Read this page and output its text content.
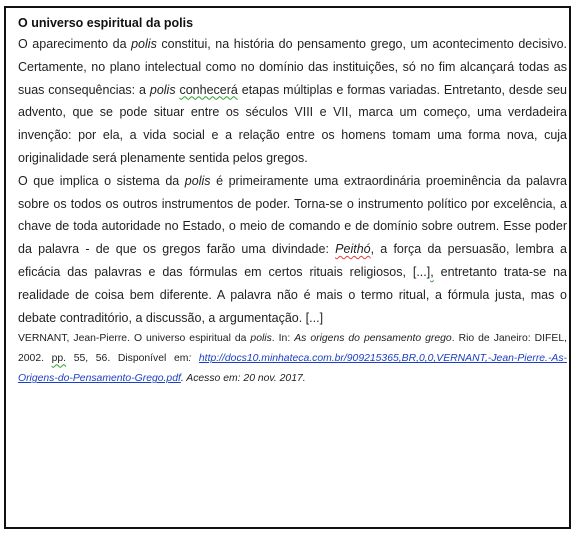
O universo espiritual da polis

O aparecimento da polis constitui, na história do pensamento grego, um acontecimento decisivo. Certamente, no plano intelectual como no domínio das instituições, só no fim alcançará todas as suas consequências: a polis conhecerá etapas múltiplas e formas variadas. Entretanto, desde seu advento, que se pode situar entre os séculos VIII e VII, marca um começo, uma verdadeira invenção: por ela, a vida social e a relação entre os homens tomam uma forma nova, cuja originalidade será plenamente sentida pelos gregos.

O que implica o sistema da polis é primeiramente uma extraordinária proeminência da palavra sobre os todos os outros instrumentos de poder. Torna-se o instrumento político por excelência, a chave de toda autoridade no Estado, o meio de comando e de domínio sobre outrem. Esse poder da palavra - de que os gregos farão uma divindade: Peithó, a força da persuasão, lembra a eficácia das palavras e das fórmulas em certos rituais religiosos, [...], entretanto trata-se na realidade de coisa bem diferente. A palavra não é mais o termo ritual, a fórmula justa, mas o debate contraditório, a discussão, a argumentação. [...]

VERNANT, Jean-Pierre. O universo espiritual da polis. In: As origens do pensamento grego. Rio de Janeiro: DIFEL, 2002. pp. 55, 56. Disponível em: http://docs10.minhateca.com.br/909215365,BR,0,0,VERNANT,-Jean-Pierre.-As-Origens-do-Pensamento-Grego.pdf. Acesso em: 20 nov. 2017.
